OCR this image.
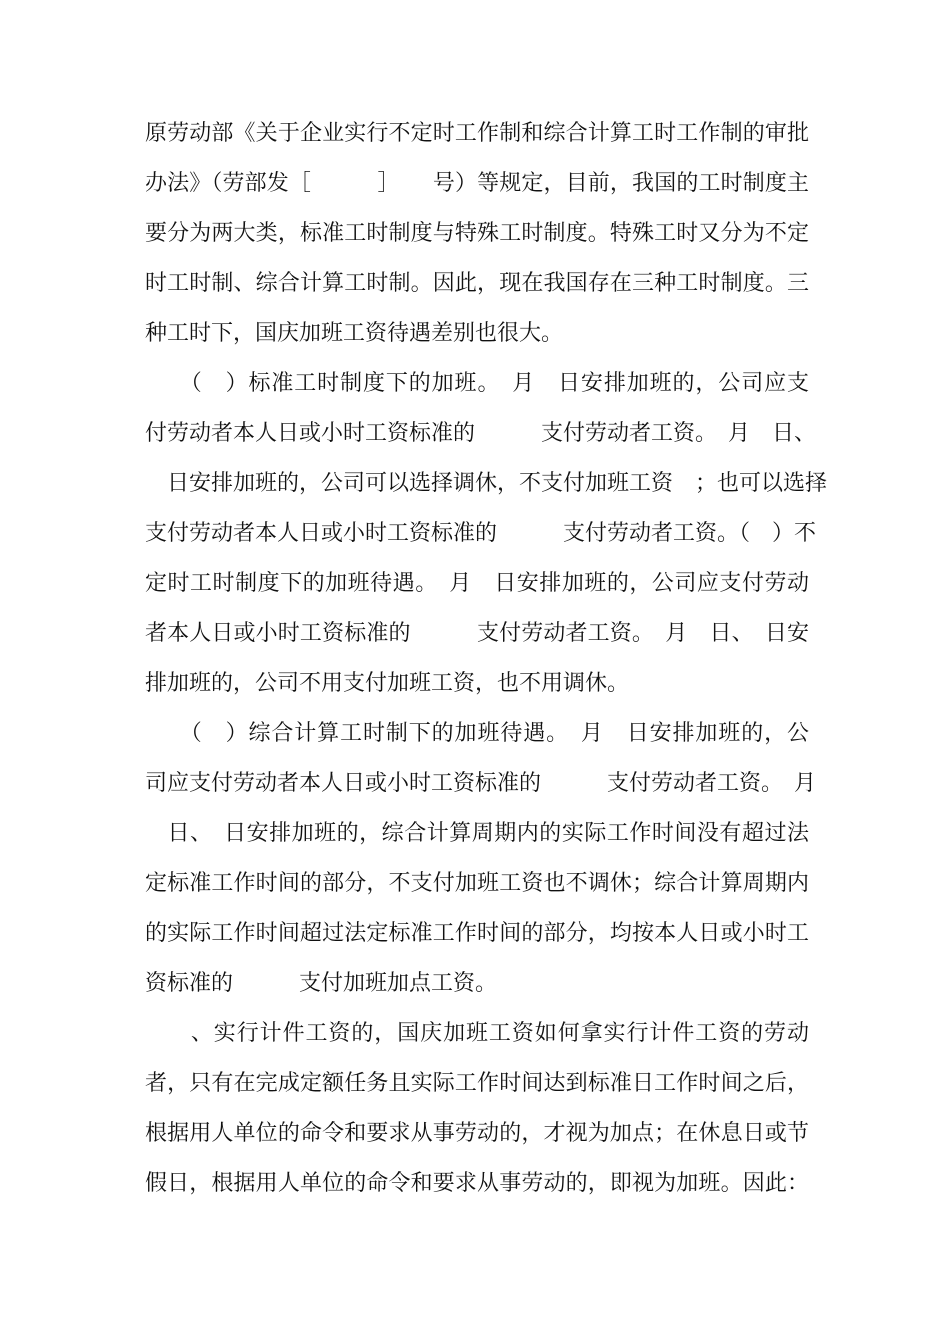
原劳动部《关于企业实行不定时工作制和综合计算工时工作制的审批
办法》（劳部发［　　　］　　号）等规定，目前，我国的工时制度主
要分为两大类，标准工时制度与特殊工时制度。特殊工时又分为不定
时工时制、综合计算工时制。因此，现在我国存在三种工时制度。三
种工时下，国庆加班工资待遇差别也很大。
　　（　）标准工时制度下的加班。　月　日安排加班的，公司应支
付劳动者本人日或小时工资标准的　　　支付劳动者工资。　月　日、
　日安排加班的，公司可以选择调休，不支付加班工资　；也可以选择
支付劳动者本人日或小时工资标准的　　　支付劳动者工资。（　）不
定时工时制度下的加班待遇。　月　日安排加班的，公司应支付劳动
者本人日或小时工资标准的　　　支付劳动者工资。　月　日、　日安
排加班的，公司不用支付加班工资，也不用调休。
　　（　）综合计算工时制下的加班待遇。　月　日安排加班的，公
司应支付劳动者本人日或小时工资标准的　　　支付劳动者工资。　月
　日、　日安排加班的，综合计算周期内的实际工作时间没有超过法
定标准工作时间的部分，不支付加班工资也不调休；综合计算周期内
的实际工作时间超过法定标准工作时间的部分，均按本人日或小时工
资标准的　　　支付加班加点工资。
　　、实行计件工资的，国庆加班工资如何拿实行计件工资的劳动
者，只有在完成定额任务且实际工作时间达到标准日工作时间之后，
根据用人单位的命令和要求从事劳动的，才视为加点；在休息日或节
假日，根据用人单位的命令和要求从事劳动的，即视为加班。因此：
